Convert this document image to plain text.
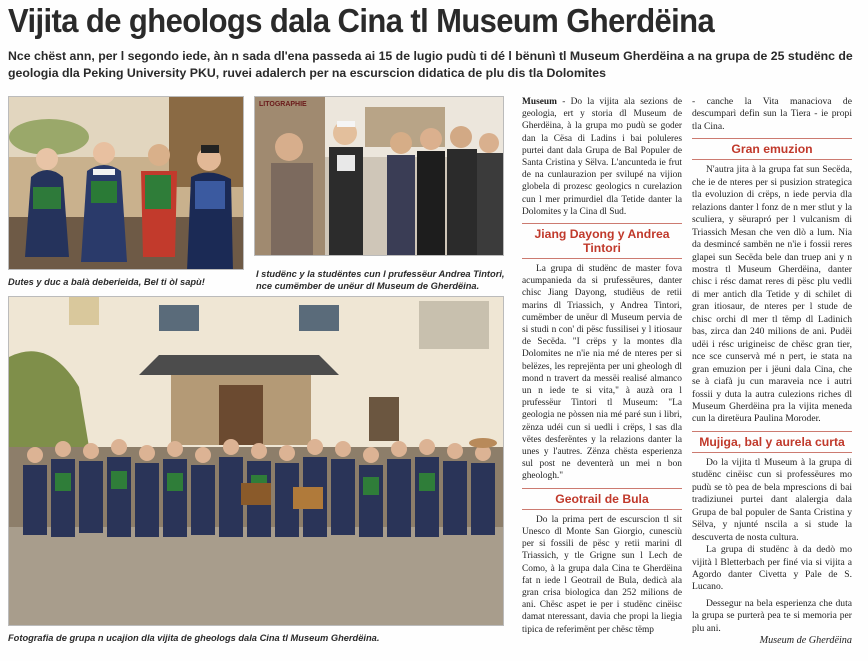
Vijita de gheologs dala Cina tl Museum Gherdëina
Nce chëst ann, per l segondo iede, àn n sada dl'ena passeda ai 15 de lugio pudù ti dé l bënunì tl Museum Gherdëina a na grupa de 25 studënc de geologia dla Peking University PKU, ruvei adalerch per na escurscion didatica de plu dis tla Dolomites
Dutes y duc a balà deberieida, Bel ti òl sapù!
LITOGRAPHIE
I studënc y la studëntes cun l prufessëur Andrea Tintori, nce cumëmber de unëur dl Museum de Gherdëina.
Fotografia de grupa n ucajion dla vijita de gheologs dala Cina tl Museum Gherdëina.

Museum - Do la vijita ala sezions de geologia, ert y storia dl Museum de Gherdëina, à la grupa mo pudù se goder dan la Cësa di Ladins i bai poluleres purtei dant dala Grupa de Bal Populer de Santa Cristina y Sëlva. L'ancunteda ie frut de na cunlaurazion per svilupé na vijion globela di prozesc geologics n curelazion cun l mer primurdiel dla Tetide danter la Dolomites y la Cina dl Sud.

Jiang Dayong y Andrea Tintori

La grupa di studënc de master fova acumpanieda da si prufessëures, danter chisc Jiang Dayong, studiëus de retii marins dl Triassich, y Andrea Tintori, cumëmber de unëur dl Museum pervia de si studi n con' di pësc fussilisei y l itiosaur de Secëda. "I crëps y la montes dla Dolomites ne n'ie nia mé de nteres per si belëzes, les reprejënta per uni gheologh dl mond n travert da messëi realisé almanco un n iede te si vita," à auzà ora l prufessëur Tintori tl Museum: "La geologia ne pòssen nia mé paré sun i libri, zënza udéi cun si uedli i crëps, l sas dla vëtes desferëntes y la relazions danter la unes y l'autres. Zënza chësta esperienza sul post ne deventerà un mei n bon gheologh."

Geotrail de Bula

Do la prima pert de escurscion tl sit Unesco dl Monte San Giorgio, cunesciù per si fossili de pësc y retii marini dl Triassich, y tle Grigne sun l Lech de Como, à la grupa dala Cina te Gherdëina fat n iede l Geotrail de Bula, dedicà ala gran crisa biologica dan 252 milions de ani. Chësc aspet ie per i studënc cinëisc damat nteressant, davia che propi la liegia tipica de referimënt per chësc tëmp

- canche la Vita manaciova de descumparì defin sun la Tiera - ie propi tla Cina.

Gran emuzion

N'autra jita à la grupa fat sun Secëda, che ie de nteres per si pusizion strategica tla evoluzion di crëps, n iede pervia dla relazions danter l fonz de n mer stlut y la sculiera, y sëurapró per l vulcanism di Triassich Mesan che ven dlò a lum. Nia da desmincé sambën ne n'ie i fossii reres glapei sun Secëda bele dan truep ani y n mostra tl Museum Gherdëina, danter chisc i résc damat reres di pësc plu vedli di mer antich dla Tetide y di schilet di gran itiosaur, de nteres per l stude de chisc orchi dl mer tl tëmp dl Ladinich bas, zirca dan 240 milions de ani. Pudëi udëi i résc urigineisc de chësc gran tier, nce sce cunservà mé n pert, ie stata na gran emuzion per i jëuni dala Cina, che se à ciafà ju cun maraveia nce i autri fossii y duta la autra culezions riches dl Museum Gherdëina pra la vijita meneda cun la diretëura Paulina Moroder.

Mujiga, bal y aurela curta

Do la vijita tl Museum à la grupa di studënc cinëisc cun si professëures mo pudù se tò pea de bela mprescions di bai tradiziunei purtei dant alalergia dala Grupa de bal populer de Santa Cristina y Sëlva, y njunté nscila a si stude la descuverta de nosta cultura.

La grupa di studënc à da dedò mo vijità l Bletterbach per finé via si vijita a Agordo danter Civetta y Pale de S. Lucano.

Dessegur na bela esperienza che duta la grupa se purterà pea te si memoria per plu ani.

Museum de Gherdëina
